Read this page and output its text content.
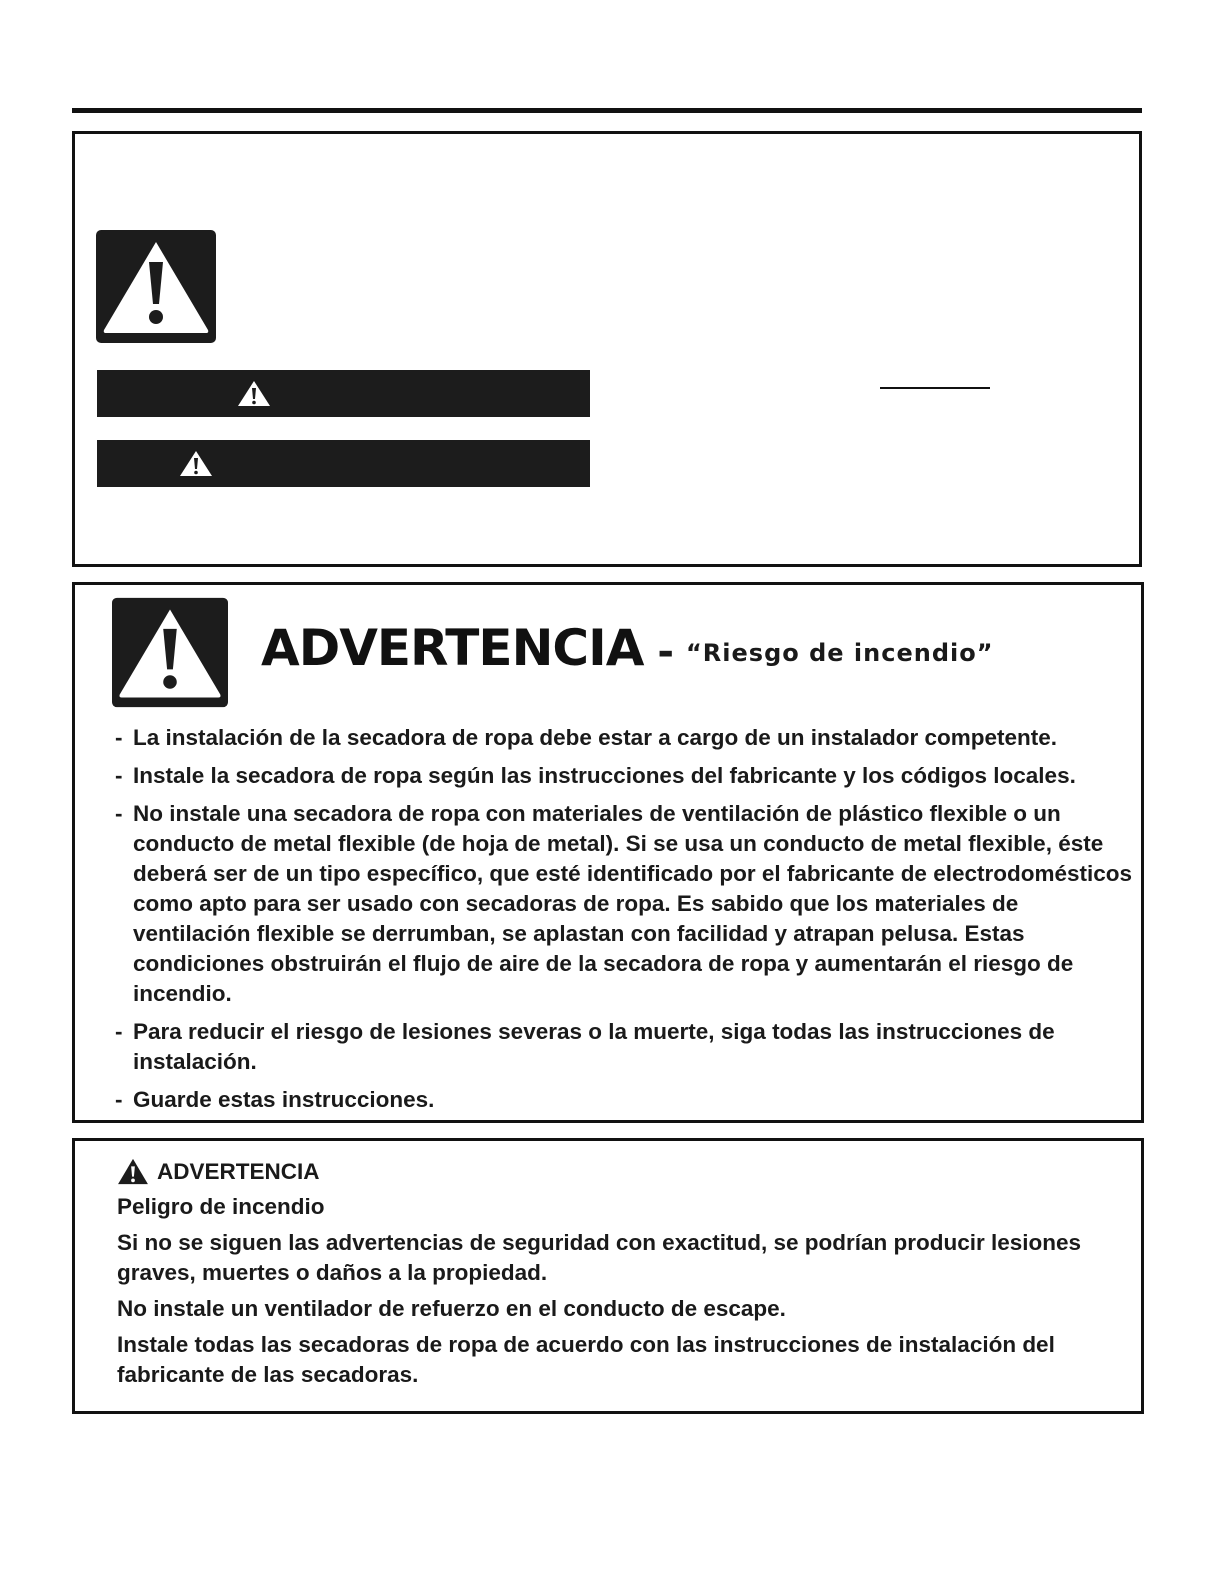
ADVERTENCIA - “Riesgo de incendio”
- La instalación de la secadora de ropa debe estar a cargo de un instalador competente.
- Instale la secadora de ropa según las instrucciones del fabricante y los códigos locales.
- No instale una secadora de ropa con materiales de ventilación de plástico flexible o un conducto de metal flexible (de hoja de metal). Si se usa un conducto de metal flexible, éste deberá ser de un tipo específico, que esté identificado por el fabricante de electrodomésticos como apto para ser usado con secadoras de ropa. Es sabido que los materiales de ventilación flexible se derrumban, se aplastan con facilidad y atrapan pelusa. Estas condiciones obstruirán el flujo de aire de la secadora de ropa y aumentarán el riesgo de incendio.
- Para reducir el riesgo de lesiones severas o la muerte, siga todas las instrucciones de instalación.
- Guarde estas instrucciones.
ADVERTENCIA

Peligro de incendio

Si no se siguen las advertencias de seguridad con exactitud, se podrían producir lesiones graves, muertes o daños a la propiedad.

No instale un ventilador de refuerzo en el conducto de escape.

Instale todas las secadoras de ropa de acuerdo con las instrucciones de instalación del fabricante de las secadoras.
